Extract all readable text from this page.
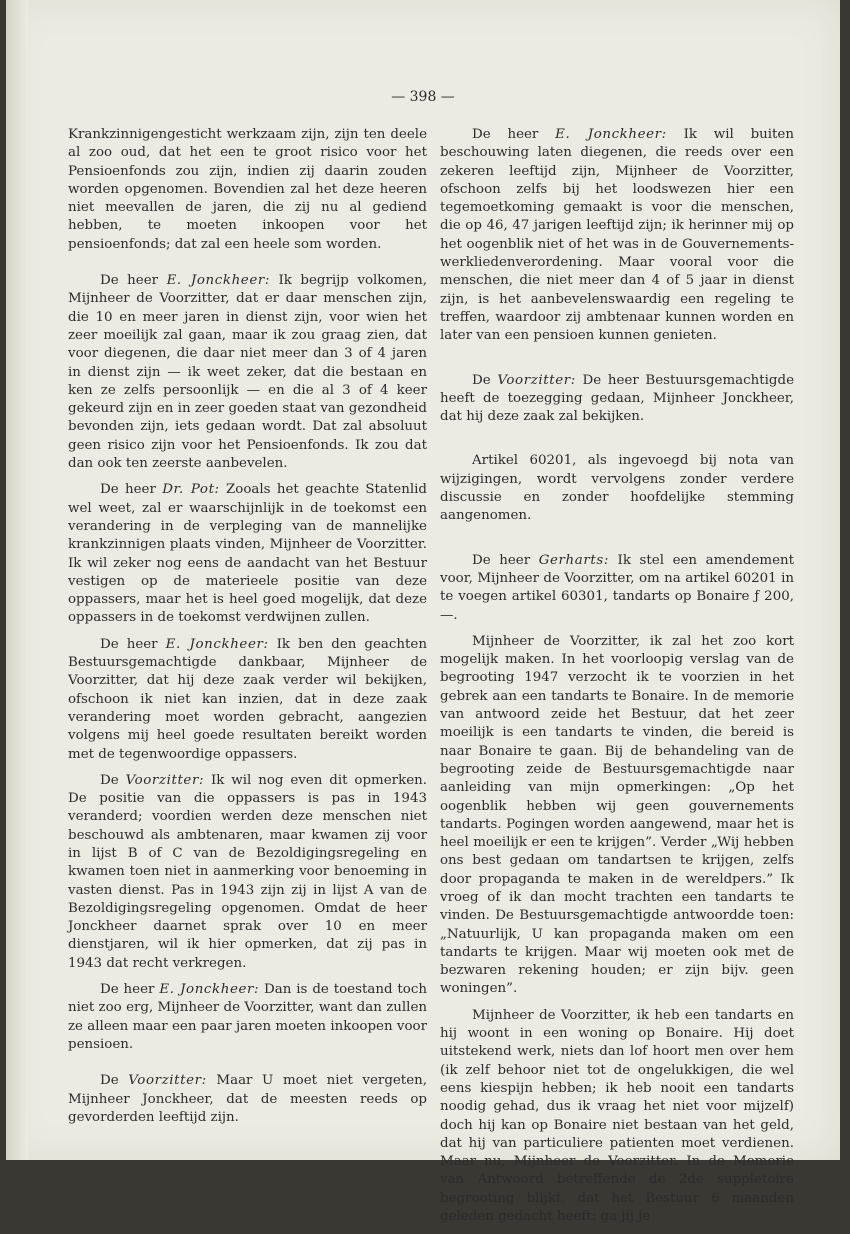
— 398 —

Krankzinnigengesticht werkzaam zijn, zijn ten deele al zoo oud, dat het een te groot risico voor het Pensioenfonds zou zijn, indien zij daarin zouden worden opgenomen. Bovendien zal het deze heeren niet meevallen de jaren, die zij nu al gediend hebben, te moeten inkoopen voor het pensioenfonds; dat zal een heele som worden.

De heer E. Jonckheer: Ik begrijp volkomen, Mijnheer de Voorzitter, dat er daar menschen zijn, die 10 en meer jaren in dienst zijn, voor wien het zeer moeilijk zal gaan, maar ik zou graag zien, dat voor diegenen, die daar niet meer dan 3 of 4 jaren in dienst zijn — ik weet zeker, dat die bestaan en ken ze zelfs persoonlijk — en die al 3 of 4 keer gekeurd zijn en in zeer goeden staat van gezondheid bevonden zijn, iets gedaan wordt. Dat zal absoluut geen risico zijn voor het Pensioenfonds. Ik zou dat dan ook ten zeerste aanbevelen.

De heer Dr. Pot: Zooals het geachte Statenlid wel weet, zal er waarschijnlijk in de toekomst een verandering in de verpleging van de mannelijke krankzinnigen plaats vinden, Mijnheer de Voorzitter. Ik wil zeker nog eens de aandacht van het Bestuur vestigen op de materieele positie van deze oppassers, maar het is heel goed mogelijk, dat deze oppassers in de toekomst verdwijnen zullen.

De heer E. Jonckheer: Ik ben den geachten Bestuursgemachtigde dankbaar, Mijnheer de Voorzitter, dat hij deze zaak verder wil bekijken, ofschoon ik niet kan inzien, dat in deze zaak verandering moet worden gebracht, aangezien volgens mij heel goede resultaten bereikt worden met de tegenwoordige oppassers.

De Voorzitter: Ik wil nog even dit opmerken. De positie van die oppassers is pas in 1943 veranderd; voordien werden deze menschen niet beschouwd als ambtenaren, maar kwamen zij voor in lijst B of C van de Bezoldigingsregeling en kwamen toen niet in aanmerking voor benoeming in vasten dienst. Pas in 1943 zijn zij in lijst A van de Bezoldigingsregeling opgenomen. Omdat de heer Jonckheer daarnet sprak over 10 en meer dienstjaren, wil ik hier opmerken, dat zij pas in 1943 dat recht verkregen.

De heer E. Jonckheer: Dan is de toestand toch niet zoo erg, Mijnheer de Voorzitter, want dan zullen ze alleen maar een paar jaren moeten inkoopen voor pensioen.

De Voorzitter: Maar U moet niet vergeten, Mijnheer Jonckheer, dat de meesten reeds op gevorderden leeftijd zijn.

De heer E. Jonckheer: Ik wil buiten beschouwing laten diegenen, die reeds over een zekeren leeftijd zijn, Mijnheer de Voorzitter, ofschoon zelfs bij het loodswezen hier een tegemoetkoming gemaakt is voor die menschen, die op 46, 47 jarigen leeftijd zijn; ik herinner mij op het oogenblik niet of het was in de Gouvernements-werkliedenverordening. Maar vooral voor die menschen, die niet meer dan 4 of 5 jaar in dienst zijn, is het aanbevelenswaardig een regeling te treffen, waardoor zij ambtenaar kunnen worden en later van een pensioen kunnen genieten.

De Voorzitter: De heer Bestuursgemachtigde heeft de toezegging gedaan, Mijnheer Jonckheer, dat hij deze zaak zal bekijken.

Artikel 60201, als ingevoegd bij nota van wijzigingen, wordt vervolgens zonder verdere discussie en zonder hoofdelijke stemming aangenomen.

De heer Gerharts: Ik stel een amendement voor, Mijnheer de Voorzitter, om na artikel 60201 in te voegen artikel 60301, tandarts op Bonaire ƒ 200,—.

Mijnheer de Voorzitter, ik zal het zoo kort mogelijk maken. In het voorloopig verslag van de begrooting 1947 verzocht ik te voorzien in het gebrek aan een tandarts te Bonaire. In de memorie van antwoord zeide het Bestuur, dat het zeer moeilijk is een tandarts te vinden, die bereid is naar Bonaire te gaan. Bij de behandeling van de begrooting zeide de Bestuursgemachtigde naar aanleiding van mijn opmerkingen: „Op het oogenblik hebben wij geen gouvernements tandarts. Pogingen worden aangewend, maar het is heel moeilijk er een te krijgen”. Verder „Wij hebben ons best gedaan om tandartsen te krijgen, zelfs door propaganda te maken in de wereldpers.” Ik vroeg of ik dan mocht trachten een tandarts te vinden. De Bestuursgemachtigde antwoordde toen: „Natuurlijk, U kan propaganda maken om een tandarts te krijgen. Maar wij moeten ook met de bezwaren rekening houden; er zijn bijv. geen woningen”.

Mijnheer de Voorzitter, ik heb een tandarts en hij woont in een woning op Bonaire. Hij doet uitstekend werk, niets dan lof hoort men over hem (ik zelf behoor niet tot de ongelukkigen, die wel eens kiespijn hebben; ik heb nooit een tandarts noodig gehad, dus ik vraag het niet voor mijzelf) doch hij kan op Bonaire niet bestaan van het geld, dat hij van particuliere patienten moet verdienen. Maar nu, Mijnheer de Voorzitter. In de Memorie van Antwoord betreffende de 2de suppletoire begrooting blijkt, dat het Bestuur 6 maanden geleden gedacht heeft: ga jij je
